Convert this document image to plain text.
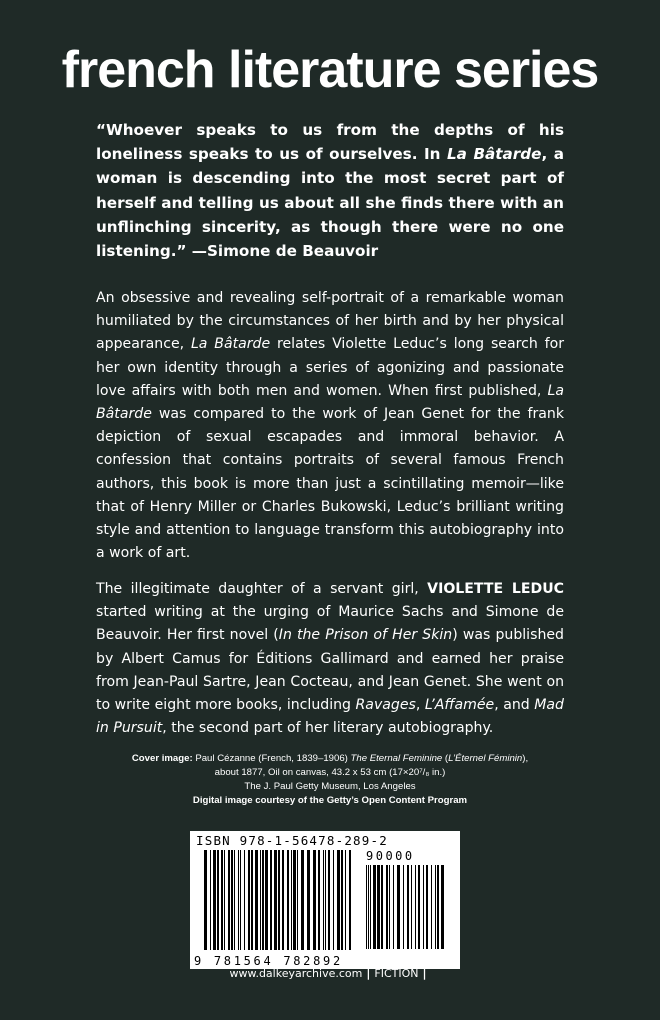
french literature series
“Whoever speaks to us from the depths of his loneliness speaks to us of ourselves. In La Bâtarde, a woman is descending into the most secret part of herself and telling us about all she finds there with an unflinching sincerity, as though there were no one listening.” —Simone de Beauvoir
An obsessive and revealing self-portrait of a remarkable woman humiliated by the circumstances of her birth and by her physical appearance, La Bâtarde relates Violette Leduc’s long search for her own identity through a series of agonizing and passionate love affairs with both men and women. When first published, La Bâtarde was compared to the work of Jean Genet for the frank depiction of sexual escapades and immoral behavior. A confession that contains portraits of several famous French authors, this book is more than just a scintillating memoir—like that of Henry Miller or Charles Bukowski, Leduc’s brilliant writing style and attention to language transform this autobiography into a work of art.
The illegitimate daughter of a servant girl, VIOLETTE LEDUC started writing at the urging of Maurice Sachs and Simone de Beauvoir. Her first novel (In the Prison of Her Skin) was published by Albert Camus for Éditions Gallimard and earned her praise from Jean-Paul Sartre, Jean Cocteau, and Jean Genet. She went on to write eight more books, including Ravages, L’Affamée, and Mad in Pursuit, the second part of her literary autobiography.
Cover image: Paul Cézanne (French, 1839–1906) The Eternal Feminine (L’Éternel Féminin),
about 1877, Oil on canvas, 43.2 x 53 cm (17×20⁷/₈ in.)
The J. Paul Getty Museum, Los Angeles
Digital image courtesy of the Getty’s Open Content Program
ISBN 978-1-56478-289-2
90000
9 781564 782892
www.dalkeyarchive.com | FICTION |
